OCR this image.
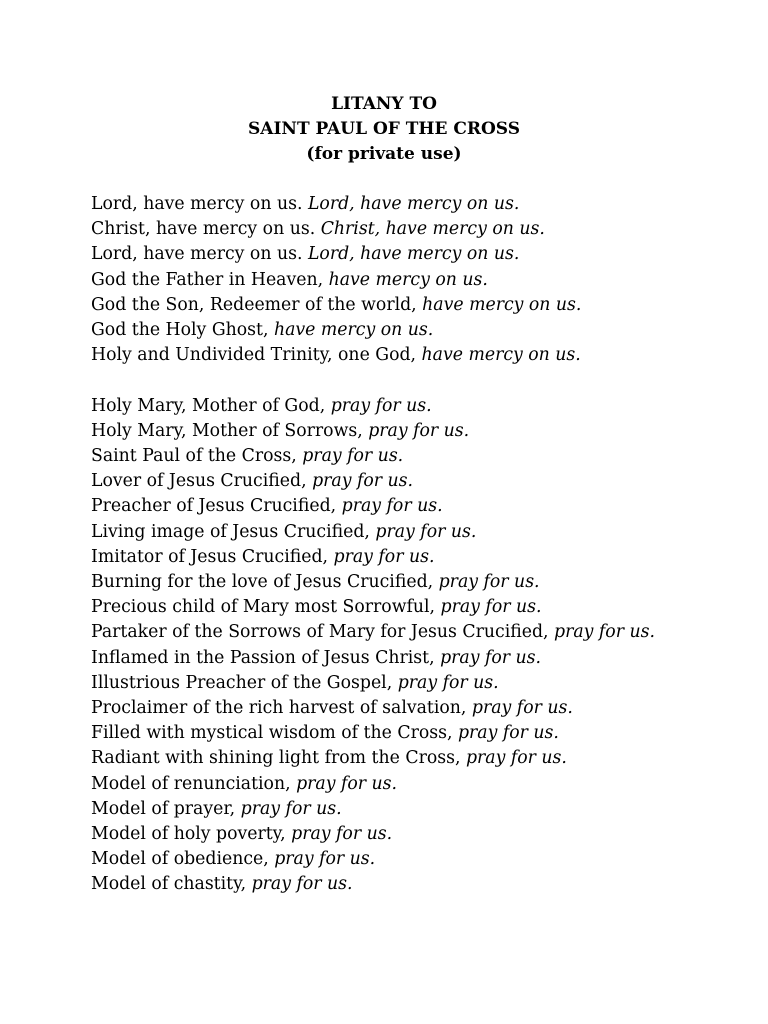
LITANY TO
SAINT PAUL OF THE CROSS
(for private use)
Lord, have mercy on us. Lord, have mercy on us.
Christ, have mercy on us. Christ, have mercy on us.
Lord, have mercy on us. Lord, have mercy on us.
God the Father in Heaven, have mercy on us.
God the Son, Redeemer of the world, have mercy on us.
God the Holy Ghost, have mercy on us.
Holy and Undivided Trinity, one God, have mercy on us.
Holy Mary, Mother of God, pray for us.
Holy Mary, Mother of Sorrows, pray for us.
Saint Paul of the Cross, pray for us.
Lover of Jesus Crucified, pray for us.
Preacher of Jesus Crucified, pray for us.
Living image of Jesus Crucified, pray for us.
Imitator of Jesus Crucified, pray for us.
Burning for the love of Jesus Crucified, pray for us.
Precious child of Mary most Sorrowful, pray for us.
Partaker of the Sorrows of Mary for Jesus Crucified, pray for us.
Inflamed in the Passion of Jesus Christ, pray for us.
Illustrious Preacher of the Gospel, pray for us.
Proclaimer of the rich harvest of salvation, pray for us.
Filled with mystical wisdom of the Cross, pray for us.
Radiant with shining light from the Cross, pray for us.
Model of renunciation, pray for us.
Model of prayer, pray for us.
Model of holy poverty, pray for us.
Model of obedience, pray for us.
Model of chastity, pray for us.
